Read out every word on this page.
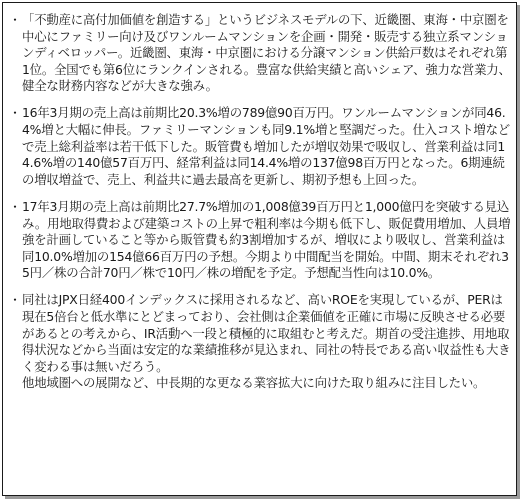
・ 「不動産に高付加価値を創造する」というビジネスモデルの下、近畿圏、東海・中京圏を中心にファミリー向け及びワンルームマンションを企画・開発・販売する独立系マンションディベロッパー。近畿圏、東海・中京圏における分譲マンション供給戸数はそれぞれ第1位。全国でも第6位にランクインされる。豊富な供給実績と高いシェア、強力な営業力、健全な財務内容などが大きな強み。
・ 16年3月期の売上高は前期比20.3%増の789億90百万円。ワンルームマンションが同46.4%増と大幅に伸長。ファミリーマンションも同9.1%増と堅調だった。仕入コスト増などで売上総利益率は若干低下した。販管費も増加したが増収効果で吸収し、営業利益は同14.6%増の140億57百万円、経常利益は同14.4%増の137億98百万円となった。6期連続の増収増益で、売上、利益共に過去最高を更新し、期初予想も上回った。
・ 17年3月期の売上高は前期比27.7%増加の1,008億39百万円と1,000億円を突破する見込み。用地取得費および建築コストの上昇で粗利率は今期も低下し、販促費用増加、人員増強を計画していること等から販管費も約3割増加するが、増収により吸収し、営業利益は同10.0%増加の154億66百万円の予想。今期より中間配当を開始。中間、期末それぞれ35円／株の合計70円／株で10円／株の増配を予定。予想配当性向は10.0%。
・ 同社はJPX日経400インデックスに採用されるなど、高いROEを実現しているが、PERは現在5倍台と低水準にとどまっており、会社側は企業価値を正確に市場に反映させる必要があるとの考えから、IR活動へ一段と積極的に取組むと考えだ。期首の受注進捗、用地取得状況などから当面は安定的な業績推移が見込まれ、同社の特長である高い収益性も大きく変わる事は無いだろう。
他地域圏への展開など、中長期的な更なる業容拡大に向けた取り組みに注目したい。
